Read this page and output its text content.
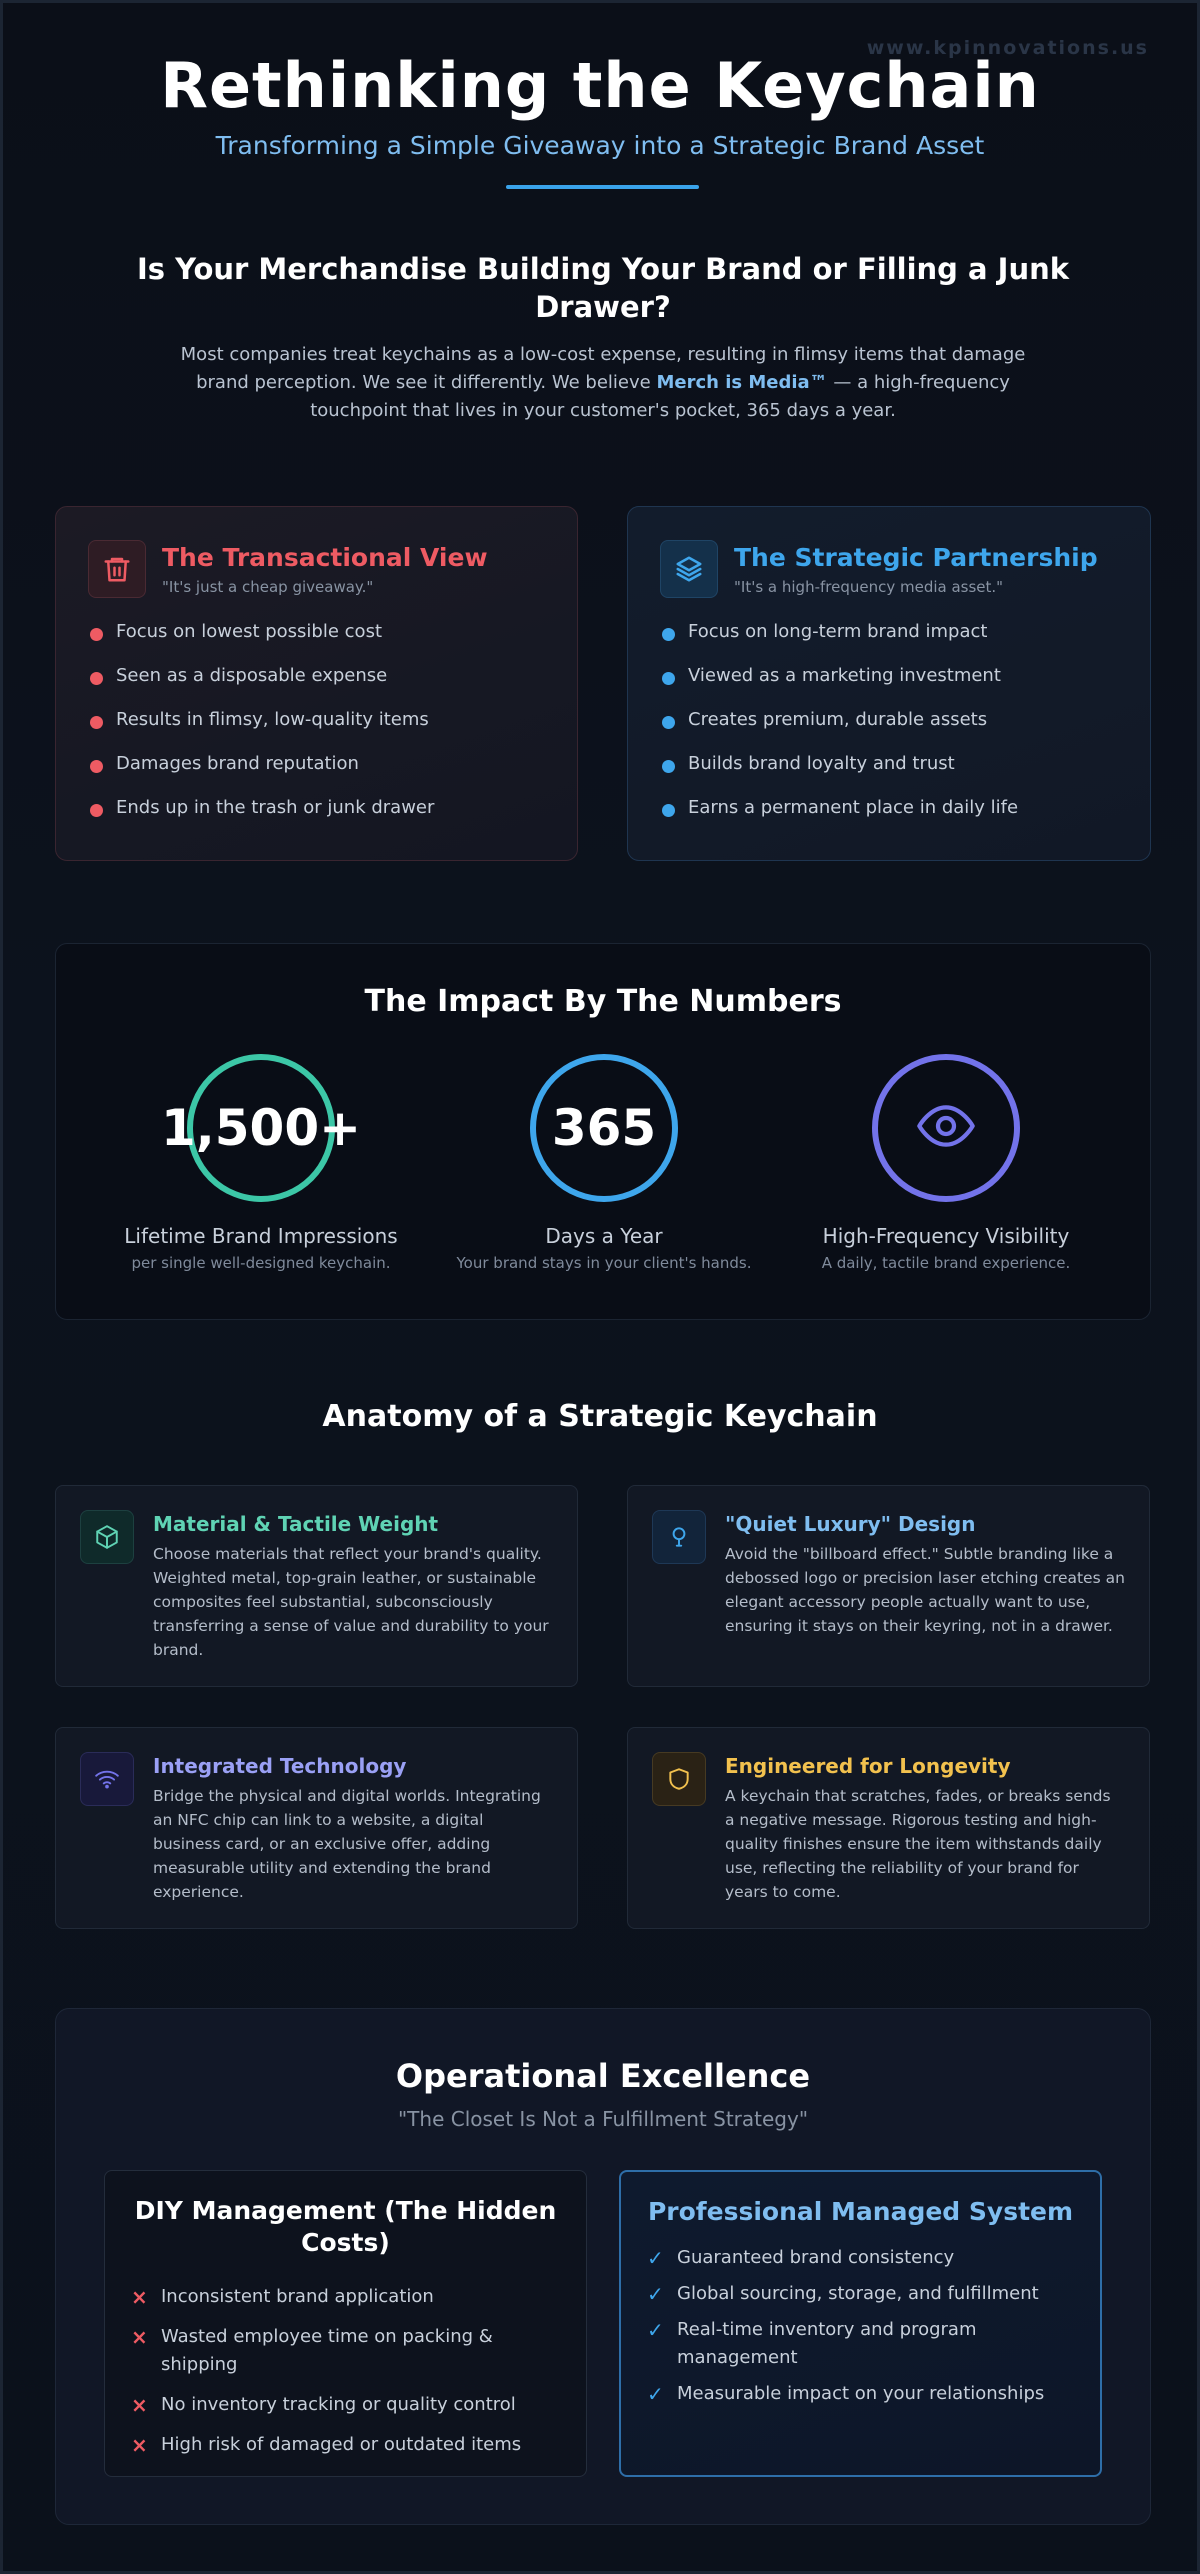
www.kpinnovations.us
Rethinking the Keychain
Transforming a Simple Giveaway into a Strategic Brand Asset
Is Your Merchandise Building Your Brand or Filling a Junk Drawer?

Most companies treat keychains as a low-cost expense, resulting in flimsy items that damage brand perception. We see it differently. We believe Merch is Media™ — a high-frequency touchpoint that lives in your customer's pocket, 365 days a year.

The Transactional View
"It's just a cheap giveaway."
Focus on lowest possible cost
Seen as a disposable expense
Results in flimsy, low-quality items
Damages brand reputation
Ends up in the trash or junk drawer
The Strategic Partnership
"It's a high-frequency media asset."
Focus on long-term brand impact
Viewed as a marketing investment
Creates premium, durable assets
Builds brand loyalty and trust
Earns a permanent place in daily life
The Impact By The Numbers
1,500+
Lifetime Brand Impressions
per single well-designed keychain.
365
Days a Year
Your brand stays in your client's hands.
High-Frequency Visibility
A daily, tactile brand experience.
Anatomy of a Strategic Keychain
Material & Tactile Weight
Choose materials that reflect your brand's quality. Weighted metal, top-grain leather, or sustainable composites feel substantial, subconsciously transferring a sense of value and durability to your brand.
"Quiet Luxury" Design
Avoid the "billboard effect." Subtle branding like a debossed logo or precision laser etching creates an elegant accessory people actually want to use, ensuring it stays on their keyring, not in a drawer.
Integrated Technology
Bridge the physical and digital worlds. Integrating an NFC chip can link to a website, a digital business card, or an exclusive offer, adding measurable utility and extending the brand experience.
Engineered for Longevity
A keychain that scratches, fades, or breaks sends a negative message. Rigorous testing and high-quality finishes ensure the item withstands daily use, reflecting the reliability of your brand for years to come.
Operational Excellence
"The Closet Is Not a Fulfillment Strategy"
DIY Management (The Hidden Costs)
× Inconsistent brand application
× Wasted employee time on packing & shipping
× No inventory tracking or quality control
× High risk of damaged or outdated items
Professional Managed System
✓ Guaranteed brand consistency
✓ Global sourcing, storage, and fulfillment
✓ Real-time inventory and program management
✓ Measurable impact on your relationships
